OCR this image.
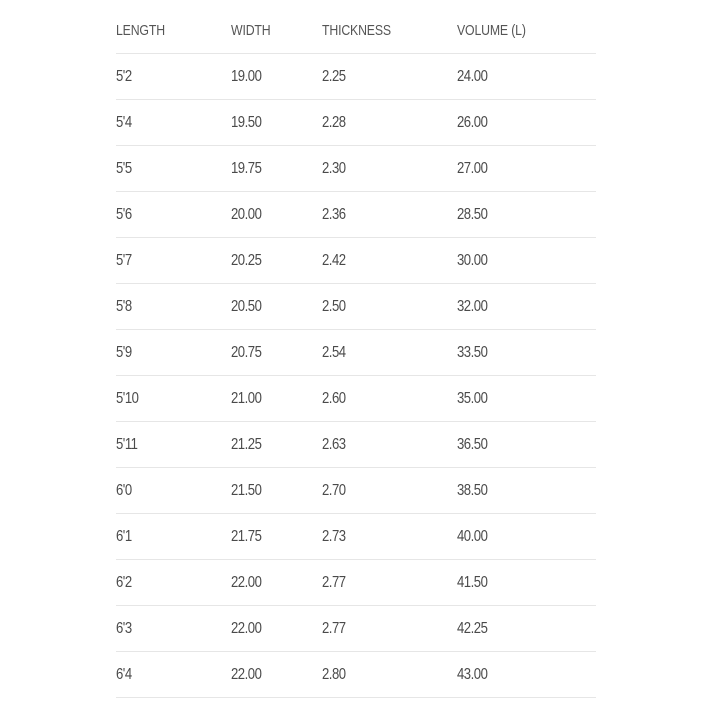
LENGTH	WIDTH	THICKNESS	VOLUME (L)
5'2	19.00	2.25	24.00
5'4	19.50	2.28	26.00
5'5	19.75	2.30	27.00
5'6	20.00	2.36	28.50
5'7	20.25	2.42	30.00
5'8	20.50	2.50	32.00
5'9	20.75	2.54	33.50
5'10	21.00	2.60	35.00
5'11	21.25	2.63	36.50
6'0	21.50	2.70	38.50
6'1	21.75	2.73	40.00
6'2	22.00	2.77	41.50
6'3	22.00	2.77	42.25
6'4	22.00	2.80	43.00
